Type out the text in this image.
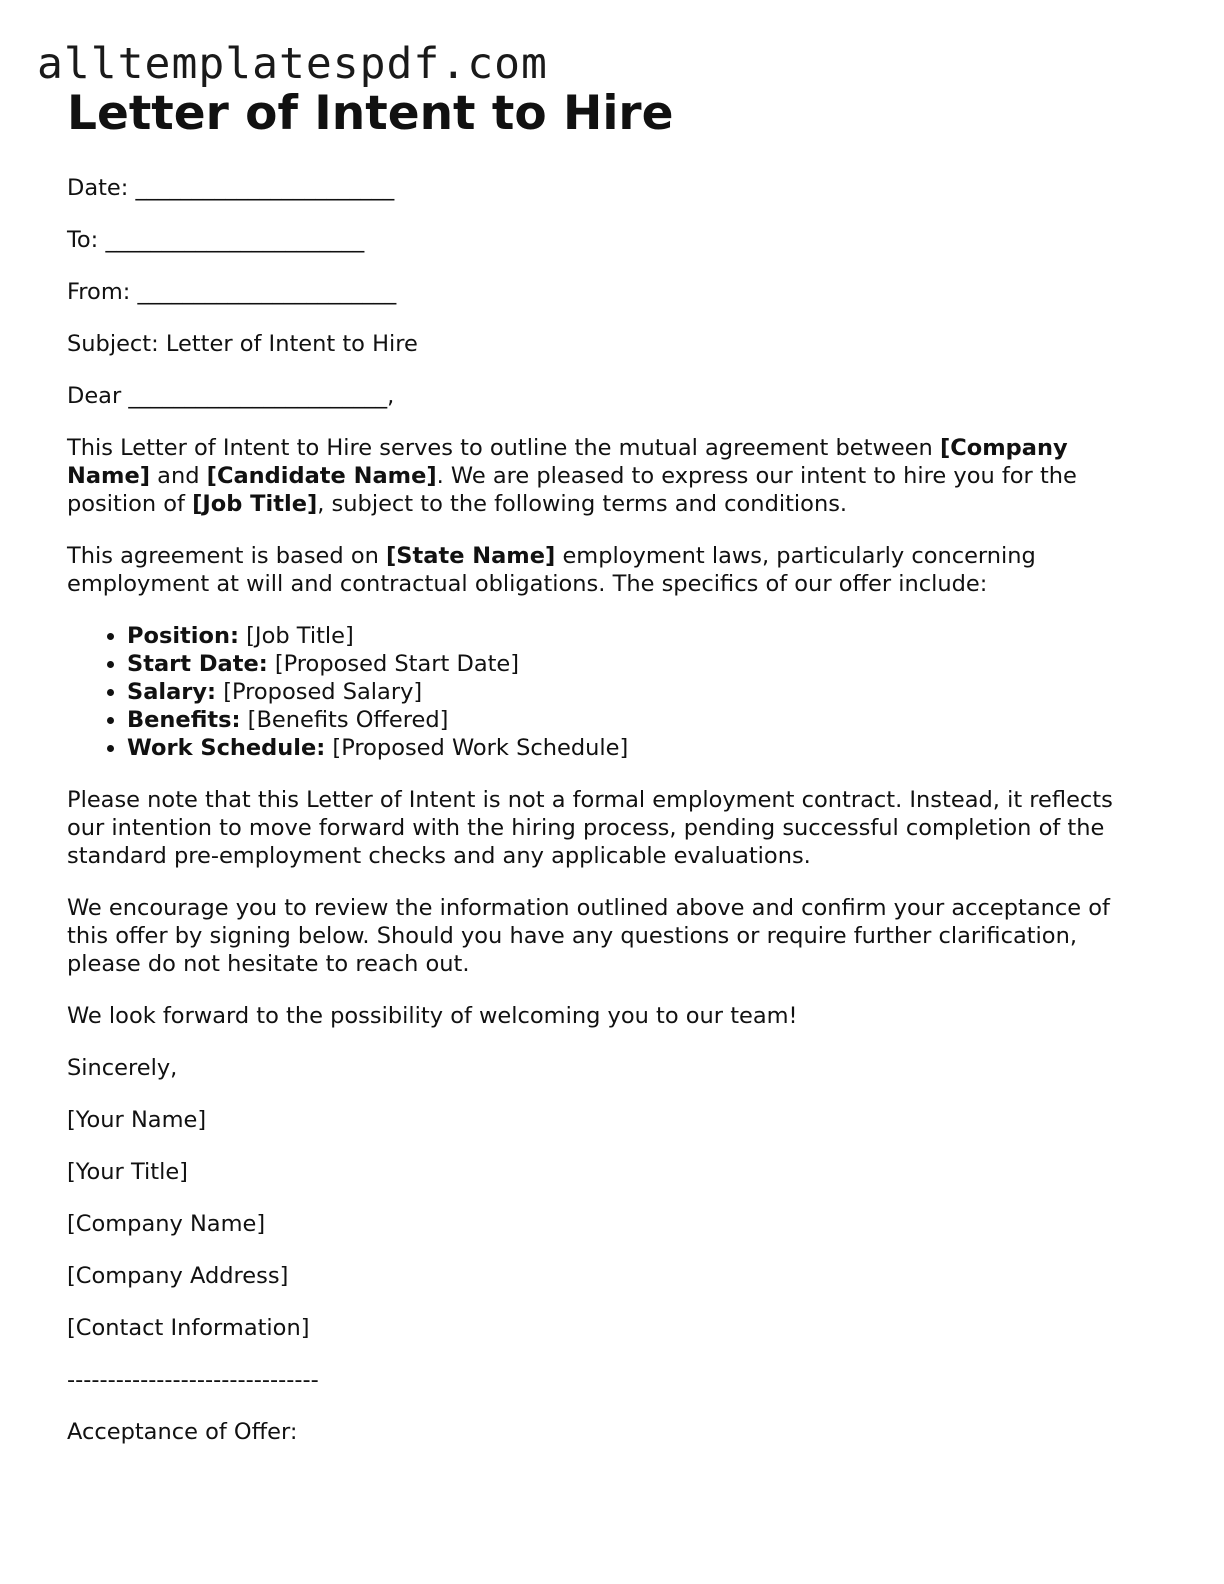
alltemplatespdf.com
Letter of Intent to Hire
Date: _______________________
To: _______________________
From: _______________________
Subject: Letter of Intent to Hire
Dear _______________________,
This Letter of Intent to Hire serves to outline the mutual agreement between [Company Name] and [Candidate Name]. We are pleased to express our intent to hire you for the position of [Job Title], subject to the following terms and conditions.
This agreement is based on [State Name] employment laws, particularly concerning employment at will and contractual obligations. The specifics of our offer include:
• Position: [Job Title]
• Start Date: [Proposed Start Date]
• Salary: [Proposed Salary]
• Benefits: [Benefits Offered]
• Work Schedule: [Proposed Work Schedule]
Please note that this Letter of Intent is not a formal employment contract. Instead, it reflects our intention to move forward with the hiring process, pending successful completion of the standard pre-employment checks and any applicable evaluations.
We encourage you to review the information outlined above and confirm your acceptance of this offer by signing below. Should you have any questions or require further clarification, please do not hesitate to reach out.
We look forward to the possibility of welcoming you to our team!
Sincerely,
[Your Name]
[Your Title]
[Company Name]
[Company Address]
[Contact Information]
-------------------------------
Acceptance of Offer:
